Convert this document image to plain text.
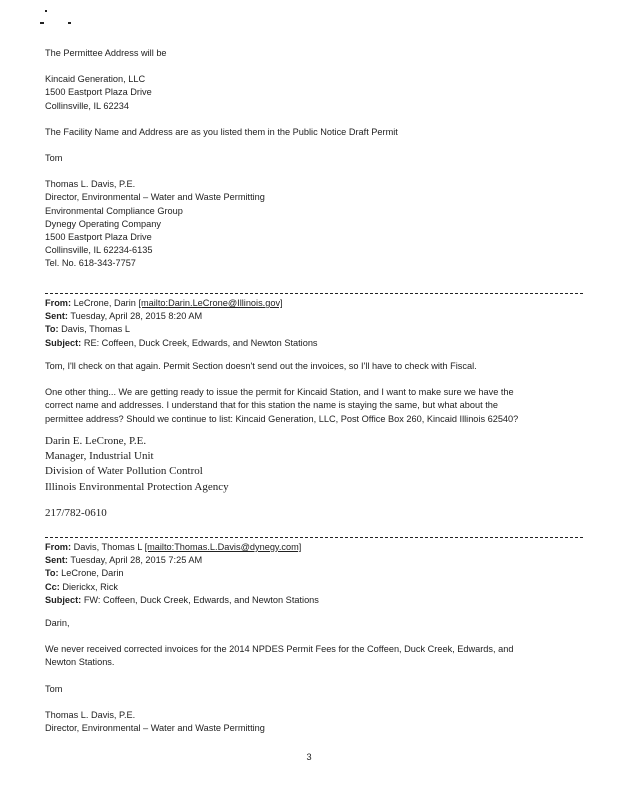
The Permittee Address will be
Kincaid Generation, LLC
1500 Eastport Plaza Drive
Collinsville, IL 62234
The Facility Name and Address are as you listed them in the Public Notice Draft Permit
Tom
Thomas L. Davis, P.E.
Director, Environmental – Water and Waste Permitting
Environmental Compliance Group
Dynegy Operating Company
1500 Eastport Plaza Drive
Collinsville, IL 62234-6135
Tel. No. 618-343-7757
From: LeCrone, Darin [mailto:Darin.LeCrone@Illinois.gov]
Sent: Tuesday, April 28, 2015 8:20 AM
To: Davis, Thomas L
Subject: RE: Coffeen, Duck Creek, Edwards, and Newton Stations
Tom, I'll check on that again. Permit Section doesn't send out the invoices, so I'll have to check with Fiscal.
One other thing... We are getting ready to issue the permit for Kincaid Station, and I want to make sure we have the
correct name and addresses. I understand that for this station the name is staying the same, but what about the
permittee address? Should we continue to list: Kincaid Generation, LLC, Post Office Box 260, Kincaid Illinois 62540?
Darin E. LeCrone, P.E.
Manager, Industrial Unit
Division of Water Pollution Control
Illinois Environmental Protection Agency
217/782-0610
From: Davis, Thomas L [mailto:Thomas.L.Davis@dynegy.com]
Sent: Tuesday, April 28, 2015 7:25 AM
To: LeCrone, Darin
Cc: Dierickx, Rick
Subject: FW: Coffeen, Duck Creek, Edwards, and Newton Stations
Darin,
We never received corrected invoices for the 2014 NPDES Permit Fees for the Coffeen, Duck Creek, Edwards, and
Newton Stations.
Tom
Thomas L. Davis, P.E.
Director, Environmental – Water and Waste Permitting
3
